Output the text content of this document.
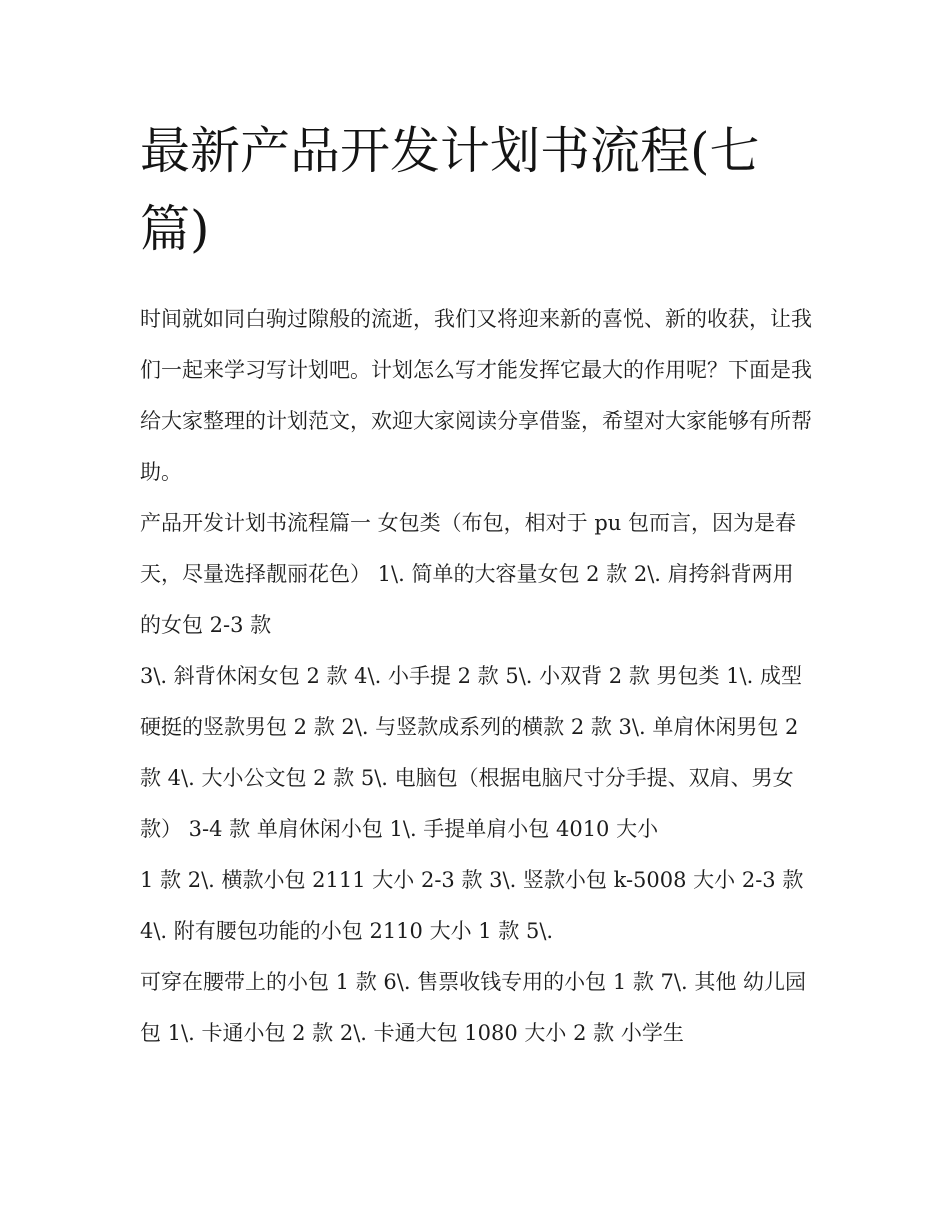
最新产品开发计划书流程(七篇)

时间就如同白驹过隙般的流逝，我们又将迎来新的喜悦、新的收获，让我们一起来学习写计划吧。计划怎么写才能发挥它最大的作用呢？下面是我给大家整理的计划范文，欢迎大家阅读分享借鉴，希望对大家能够有所帮助。

产品开发计划书流程篇一 女包类（布包，相对于 pu 包而言，因为是春天，尽量选择靓丽花色） 1\. 简单的大容量女包 2 款 2\. 肩挎斜背两用的女包 2-3 款

3\. 斜背休闲女包 2 款 4\. 小手提 2 款 5\. 小双背 2 款 男包类 1\. 成型硬挺的竖款男包 2 款 2\. 与竖款成系列的横款 2 款 3\. 单肩休闲男包 2 款 4\. 大小公文包 2 款 5\. 电脑包（根据电脑尺寸分手提、双肩、男女款） 3-4 款 单肩休闲小包 1\. 手提单肩小包 4010 大小

1 款 2\. 横款小包 2111 大小 2-3 款 3\. 竖款小包 k-5008 大小 2-3 款 4\. 附有腰包功能的小包 2110 大小 1 款 5\.

可穿在腰带上的小包 1 款 6\. 售票收钱专用的小包 1 款 7\. 其他 幼儿园包 1\. 卡通小包 2 款 2\. 卡通大包 1080 大小 2 款 小学生
